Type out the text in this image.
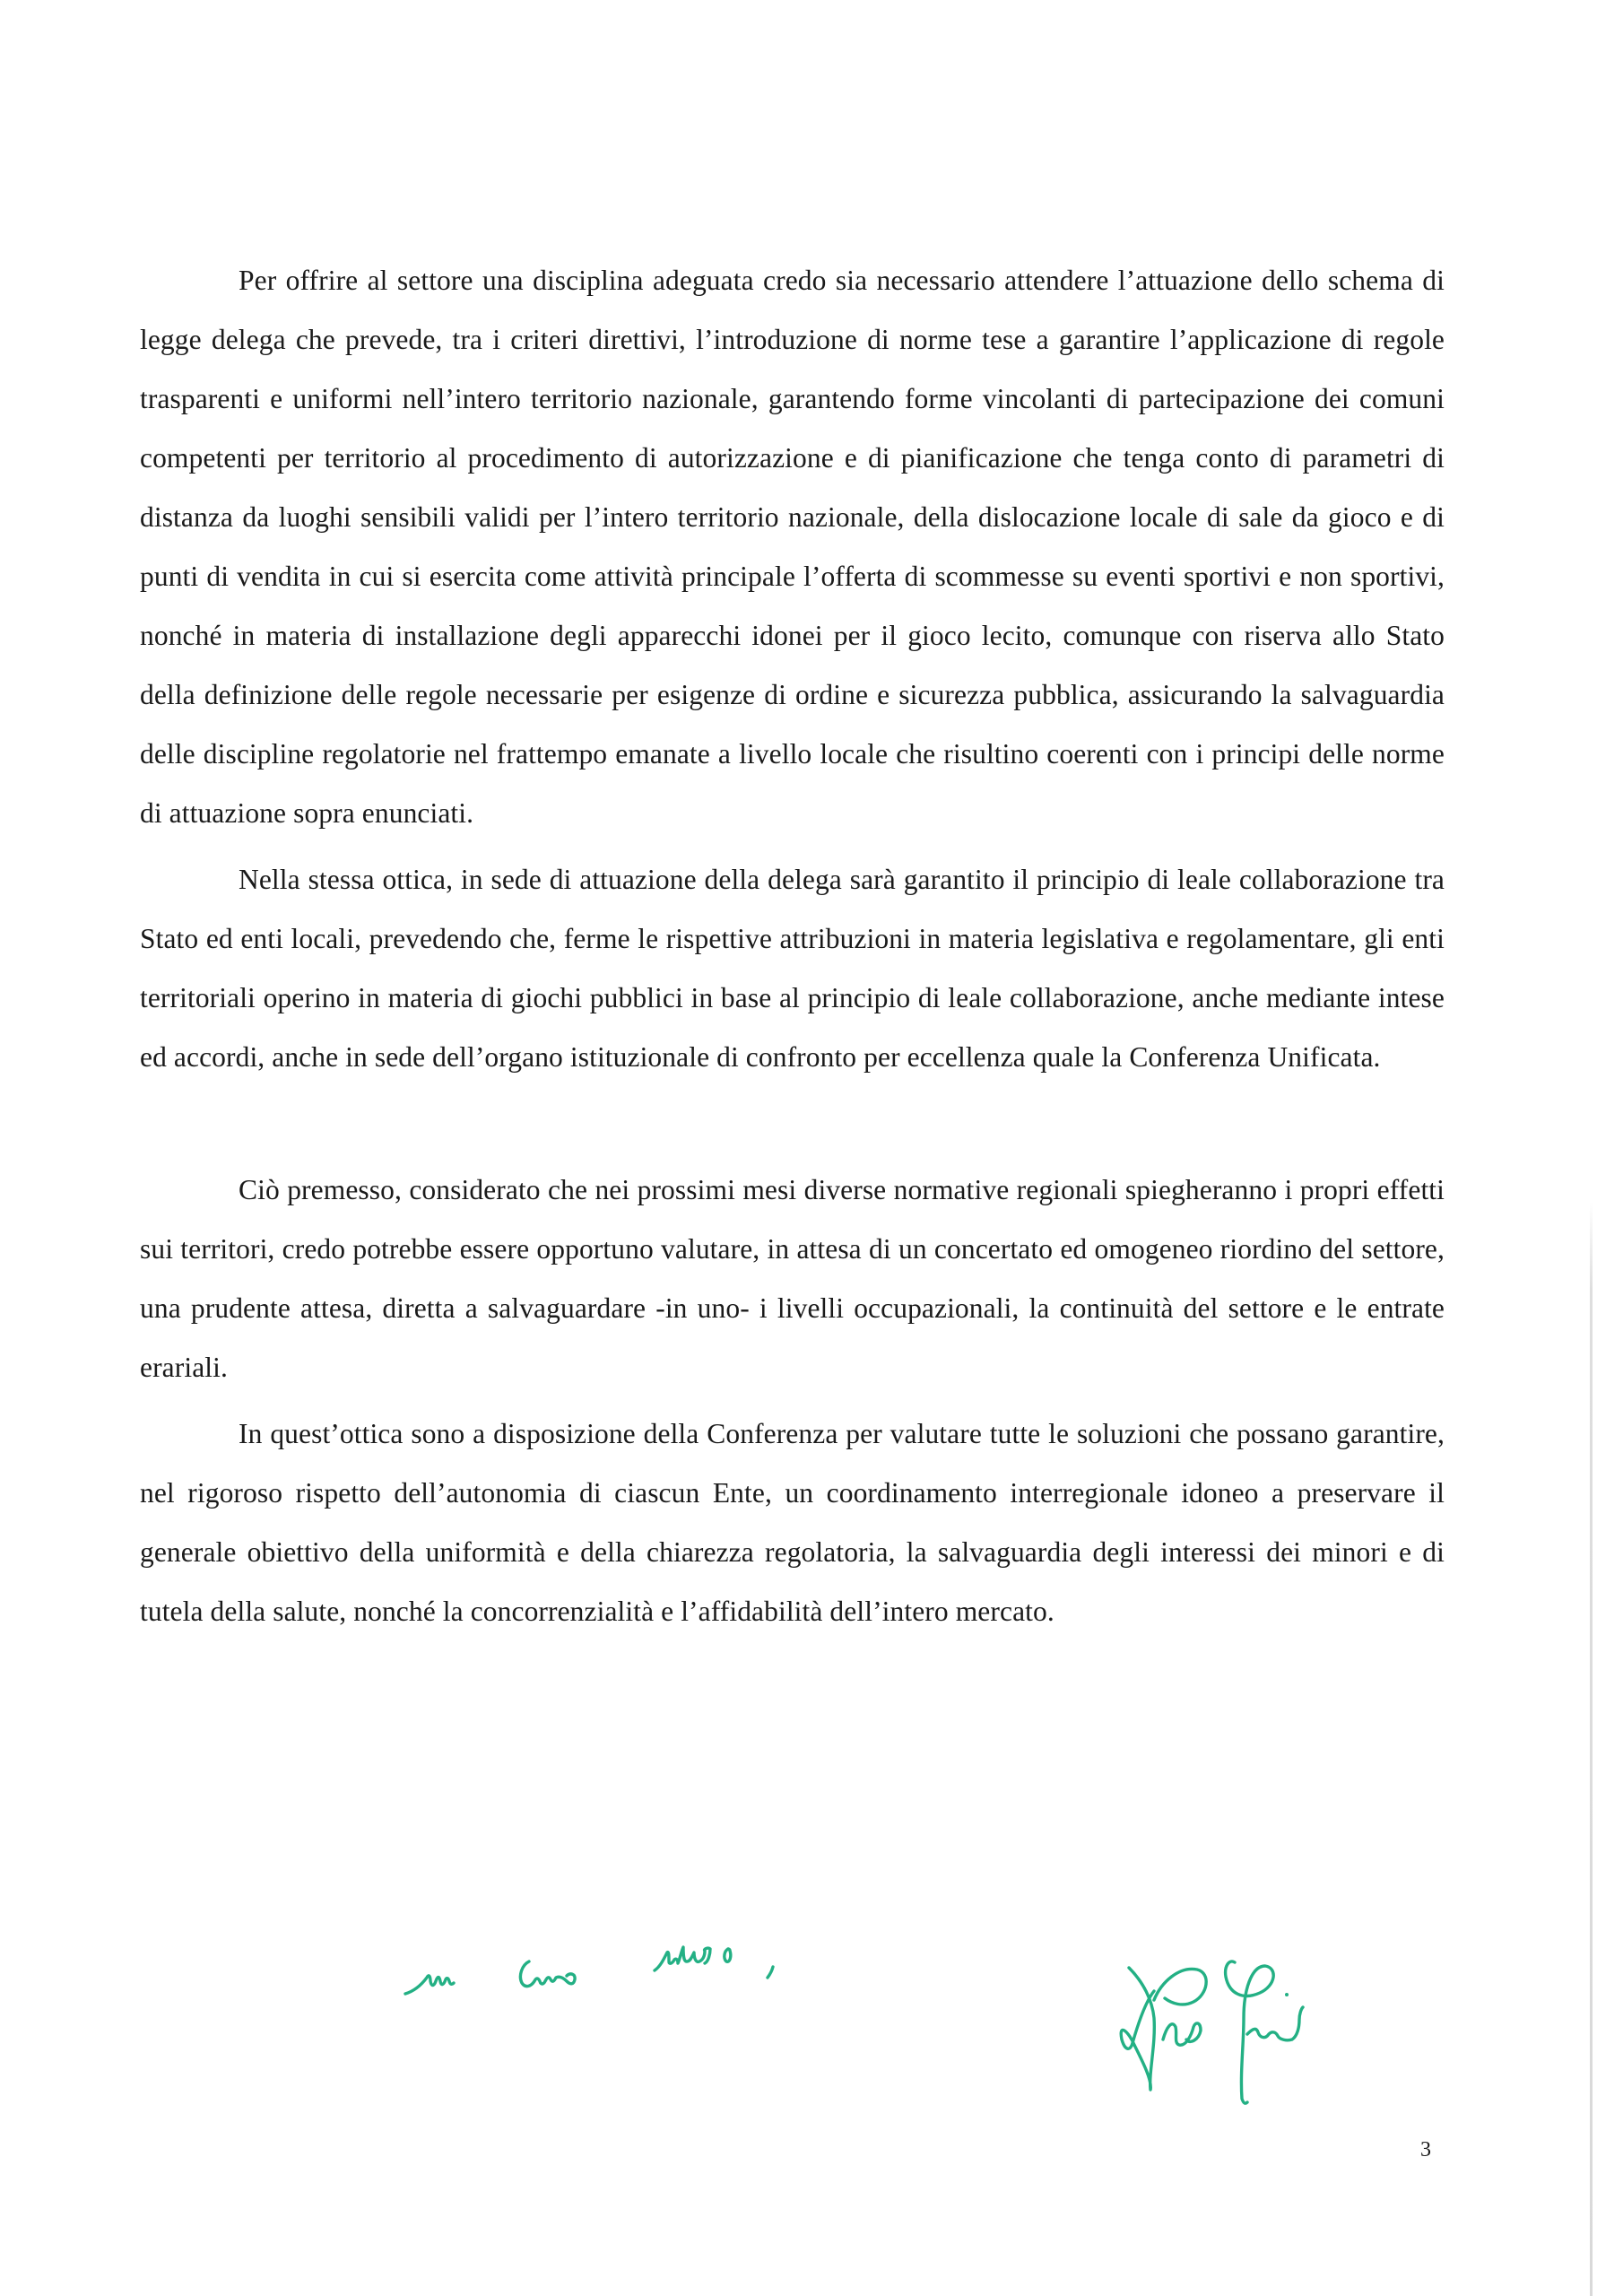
Per offrire al settore una disciplina adeguata credo sia necessario attendere l’attuazione dello schema di legge delega che prevede, tra i criteri direttivi, l’introduzione di norme tese a garantire l’applicazione di regole trasparenti e uniformi nell’intero territorio nazionale, garantendo forme vincolanti di partecipazione dei comuni competenti per territorio al procedimento di autorizzazione e di pianificazione che tenga conto di parametri di distanza da luoghi sensibili validi per l’intero territorio nazionale, della dislocazione locale di sale da gioco e di punti di vendita in cui si esercita come attività principale l’offerta di scommesse su eventi sportivi e non sportivi, nonché in materia di installazione degli apparecchi idonei per il gioco lecito, comunque con riserva allo Stato della definizione delle regole necessarie per esigenze di ordine e sicurezza pubblica, assicurando la salvaguardia delle discipline regolatorie nel frattempo emanate a livello locale che risultino coerenti con i principi delle norme di attuazione sopra enunciati.

Nella stessa ottica, in sede di attuazione della delega sarà garantito il principio di leale collaborazione tra Stato ed enti locali, prevedendo che, ferme le rispettive attribuzioni in materia legislativa e regolamentare, gli enti territoriali operino in materia di giochi pubblici in base al principio di leale collaborazione, anche mediante intese ed accordi, anche in sede dell’organo istituzionale di confronto per eccellenza quale la Conferenza Unificata.

Ciò premesso, considerato che nei prossimi mesi diverse normative regionali spiegheranno i propri effetti sui territori, credo potrebbe essere opportuno valutare, in attesa di un concertato ed omogeneo riordino del settore, una prudente attesa, diretta a salvaguardare -in uno- i livelli occupazionali, la continuità del settore e le entrate erariali.

In quest’ottica sono a disposizione della Conferenza per valutare tutte le soluzioni che possano garantire, nel rigoroso rispetto dell’autonomia di ciascun Ente, un coordinamento interregionale idoneo a preservare il generale obiettivo della uniformità e della chiarezza regolatoria, la salvaguardia degli interessi dei minori e di tutela della salute, nonché la concorrenzialità e l’affidabilità dell’intero mercato.

3
